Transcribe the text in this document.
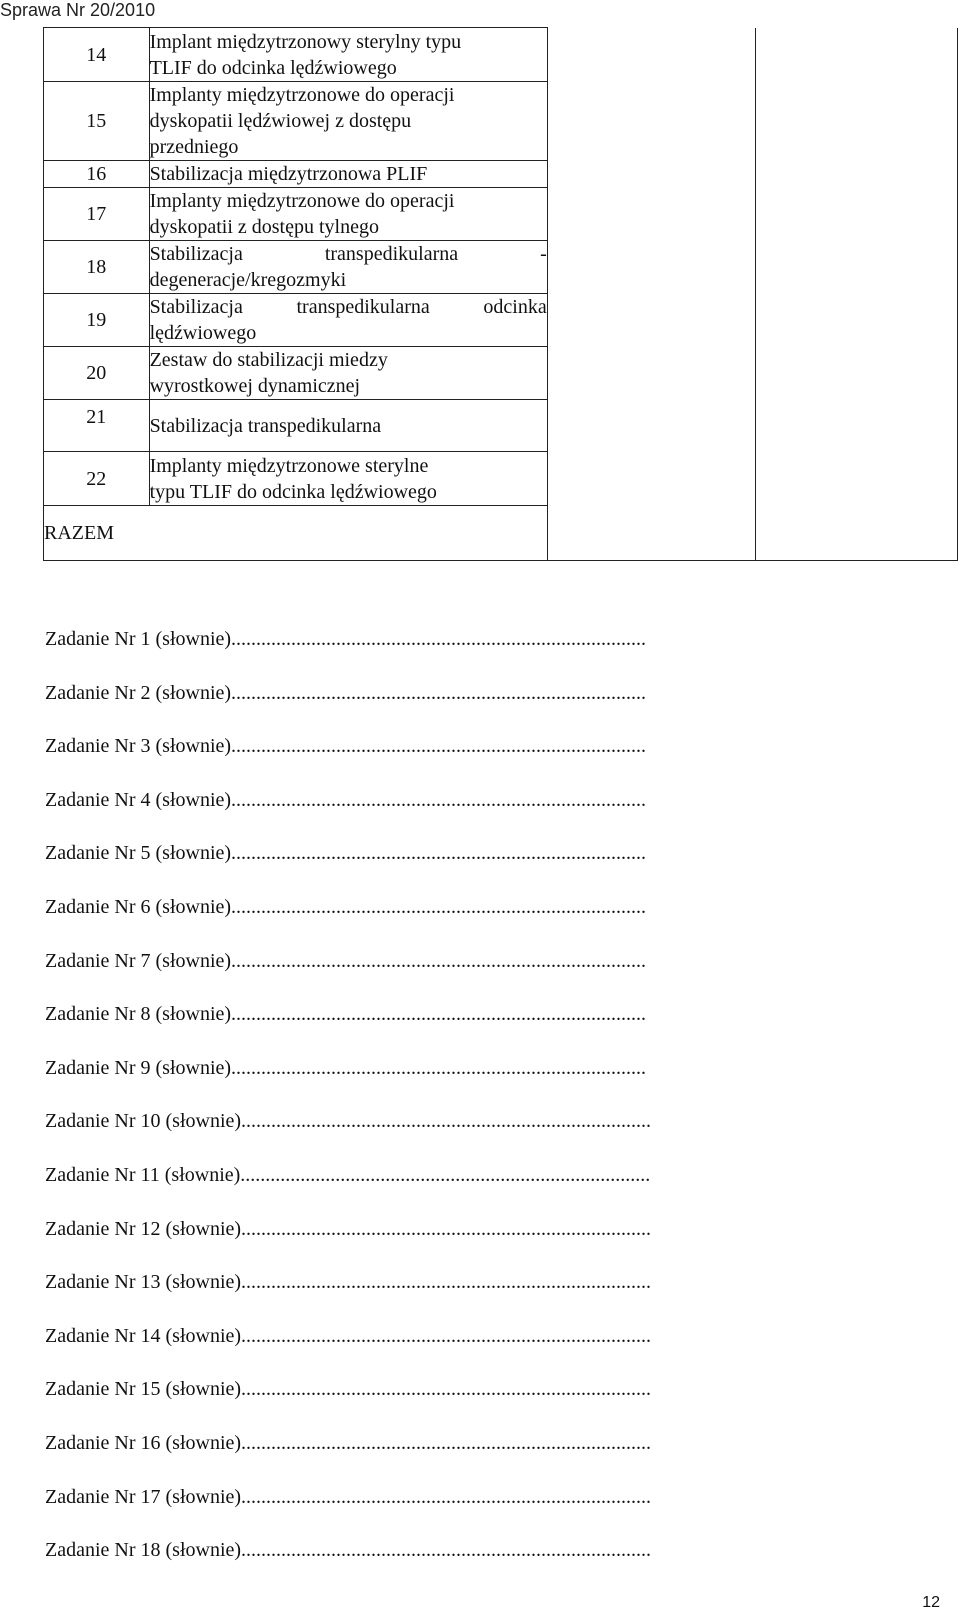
Sprawa Nr 20/2010
14	Implant międzytrzonowy sterylny typu
TLIF do odcinka lędźwiowego		

15	Implanty międzytrzonowe do operacji
dyskopatii lędźwiowej z dostępu
przedniego		

16	Stabilizacja międzytrzonowa PLIF		

17	Implanty międzytrzonowe do operacji
dyskopatii z dostępu tylnego		

18	Stabilizacja transpedikularna -
degeneracje/kregozmyki		

19	Stabilizacja transpedikularna odcinka
lędźwiowego		

20	Zestaw do stabilizacji miedzy
wyrostkowej dynamicznej		

21	Stabilizacja transpedikularna		

22	Implanty międzytrzonowe sterylne
typu TLIF do odcinka lędźwiowego		

RAZEM			
Zadanie Nr 1 (słownie)...................................................................................
Zadanie Nr 2 (słownie)...................................................................................
Zadanie Nr 3 (słownie)...................................................................................
Zadanie Nr 4 (słownie)...................................................................................
Zadanie Nr 5 (słownie)...................................................................................
Zadanie Nr 6 (słownie)...................................................................................
Zadanie Nr 7 (słownie)...................................................................................
Zadanie Nr 8 (słownie)...................................................................................
Zadanie Nr 9 (słownie)...................................................................................
Zadanie Nr 10 (słownie)..................................................................................
Zadanie Nr 11 (słownie)..................................................................................
Zadanie Nr 12 (słownie)..................................................................................
Zadanie Nr 13 (słownie)..................................................................................
Zadanie Nr 14 (słownie)..................................................................................
Zadanie Nr 15 (słownie)..................................................................................
Zadanie Nr 16 (słownie)..................................................................................
Zadanie Nr 17 (słownie)..................................................................................
Zadanie Nr 18 (słownie)..................................................................................
12
